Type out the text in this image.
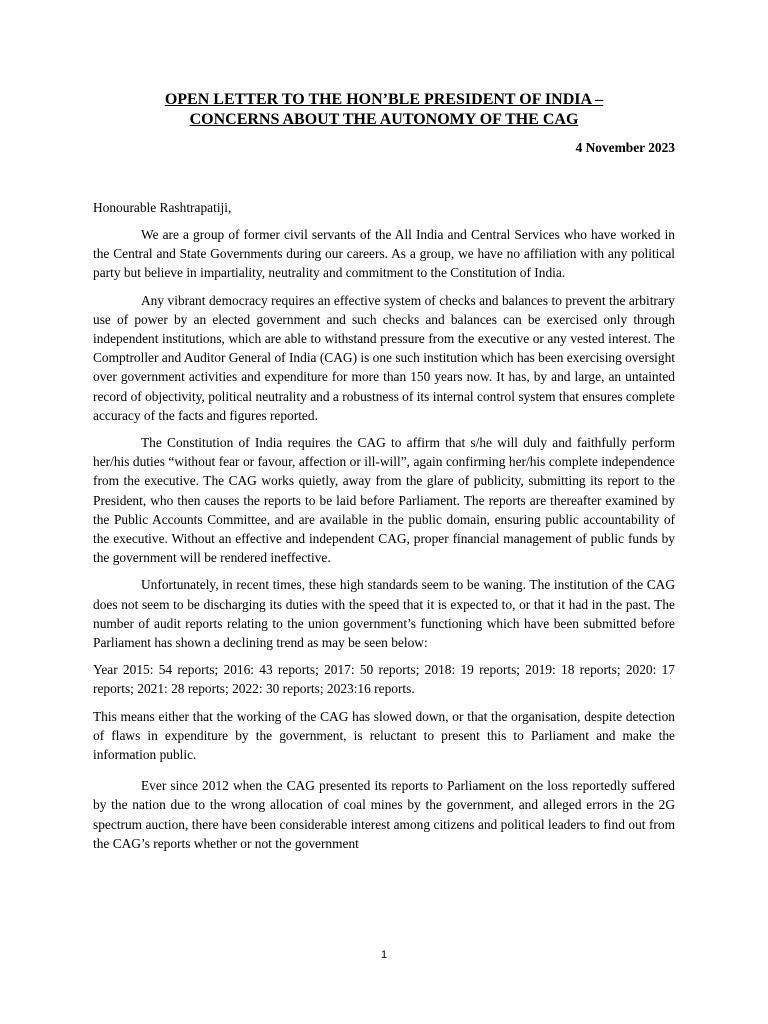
OPEN LETTER TO THE HON’BLE PRESIDENT OF INDIA –
CONCERNS ABOUT THE AUTONOMY OF THE CAG
4 November 2023
Honourable Rashtrapatiji,

We are a group of former civil servants of the All India and Central Services who have worked in the Central and State Governments during our careers. As a group, we have no affiliation with any political party but believe in impartiality, neutrality and commitment to the Constitution of India.

Any vibrant democracy requires an effective system of checks and balances to prevent the arbitrary use of power by an elected government and such checks and balances can be exercised only through independent institutions, which are able to withstand pressure from the executive or any vested interest. The Comptroller and Auditor General of India (CAG) is one such institution which has been exercising oversight over government activities and expenditure for more than 150 years now. It has, by and large, an untainted record of objectivity, political neutrality and a robustness of its internal control system that ensures complete accuracy of the facts and figures reported.

The Constitution of India requires the CAG to affirm that s/he will duly and faithfully perform her/his duties “without fear or favour, affection or ill-will”, again confirming her/his complete independence from the executive. The CAG works quietly, away from the glare of publicity, submitting its report to the President, who then causes the reports to be laid before Parliament. The reports are thereafter examined by the Public Accounts Committee, and are available in the public domain, ensuring public accountability of the executive. Without an effective and independent CAG, proper financial management of public funds by the government will be rendered ineffective.

Unfortunately, in recent times, these high standards seem to be waning. The institution of the CAG does not seem to be discharging its duties with the speed that it is expected to, or that it had in the past. The number of audit reports relating to the union government’s functioning which have been submitted before Parliament has shown a declining trend as may be seen below:

Year 2015: 54 reports; 2016: 43 reports; 2017: 50 reports; 2018: 19 reports; 2019: 18 reports; 2020: 17 reports; 2021: 28 reports; 2022: 30 reports; 2023:16 reports.

This means either that the working of the CAG has slowed down, or that the organisation, despite detection of flaws in expenditure by the government, is reluctant to present this to Parliament and make the information public.

Ever since 2012 when the CAG presented its reports to Parliament on the loss reportedly suffered by the nation due to the wrong allocation of coal mines by the government, and alleged errors in the 2G spectrum auction, there have been considerable interest among citizens and political leaders to find out from the CAG’s reports whether or not the government

1
